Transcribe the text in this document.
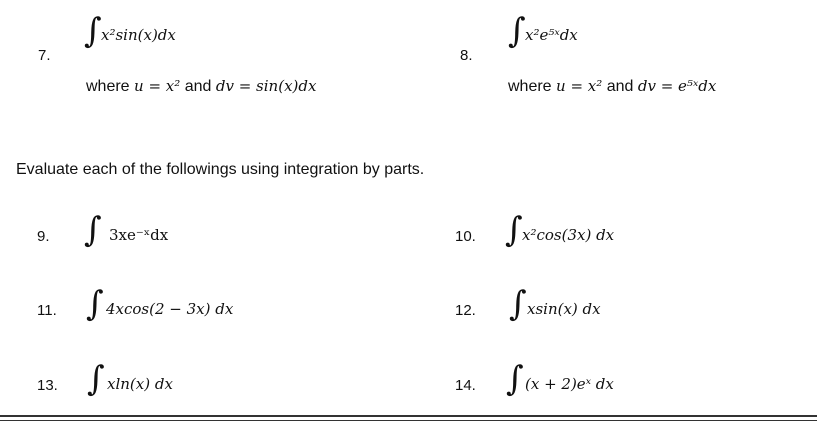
7.
∫ x²sin(x)dx
where u = x² and dv = sin(x)dx
8.
∫ x²e⁵ˣdx
where u = x² and dv = e⁵ˣdx
Evaluate each of the followings using integration by parts.
9. ∫ 3xe⁻ˣdx	10. ∫ x²cos(3x) dx
11. ∫ 4xcos(2 − 3x) dx	12. ∫ xsin(x) dx
13. ∫ xln(x) dx	14. ∫ (x + 2)eˣ dx
